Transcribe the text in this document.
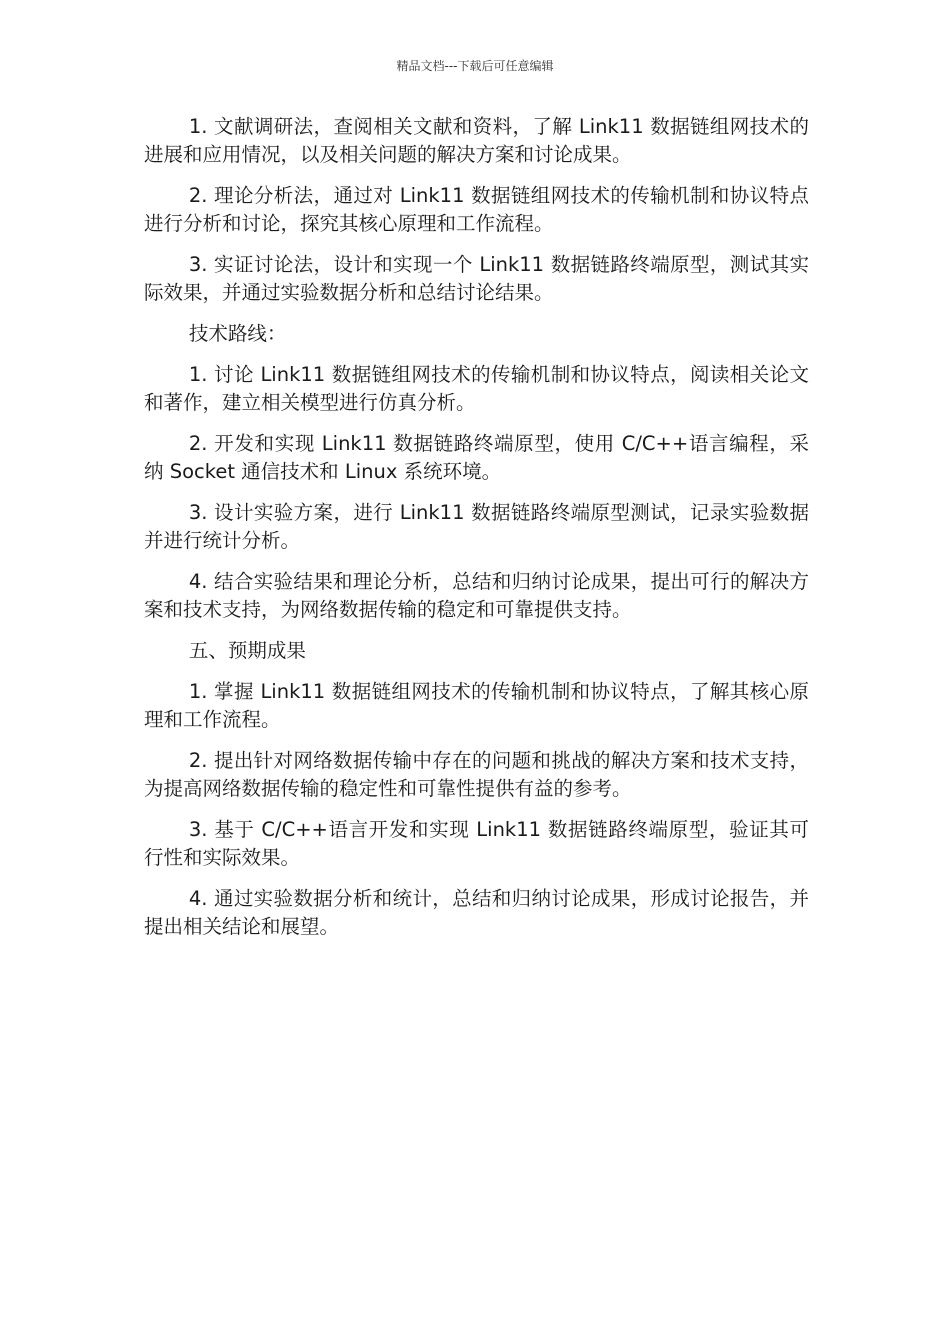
精品文档---下载后可任意编辑

1. 文献调研法，查阅相关文献和资料，了解 Link11 数据链组网技术的进展和应用情况，以及相关问题的解决方案和讨论成果。

2. 理论分析法，通过对 Link11 数据链组网技术的传输机制和协议特点进行分析和讨论，探究其核心原理和工作流程。

3. 实证讨论法，设计和实现一个 Link11 数据链路终端原型，测试其实际效果，并通过实验数据分析和总结讨论结果。

技术路线：

1. 讨论 Link11 数据链组网技术的传输机制和协议特点，阅读相关论文和著作，建立相关模型进行仿真分析。

2. 开发和实现 Link11 数据链路终端原型，使用 C/C++语言编程，采纳 Socket 通信技术和 Linux 系统环境。

3. 设计实验方案，进行 Link11 数据链路终端原型测试，记录实验数据并进行统计分析。

4. 结合实验结果和理论分析，总结和归纳讨论成果，提出可行的解决方案和技术支持，为网络数据传输的稳定和可靠提供支持。

五、预期成果

1. 掌握 Link11 数据链组网技术的传输机制和协议特点，了解其核心原理和工作流程。

2. 提出针对网络数据传输中存在的问题和挑战的解决方案和技术支持，为提高网络数据传输的稳定性和可靠性提供有益的参考。

3. 基于 C/C++语言开发和实现 Link11 数据链路终端原型，验证其可行性和实际效果。

4. 通过实验数据分析和统计，总结和归纳讨论成果，形成讨论报告，并提出相关结论和展望。
